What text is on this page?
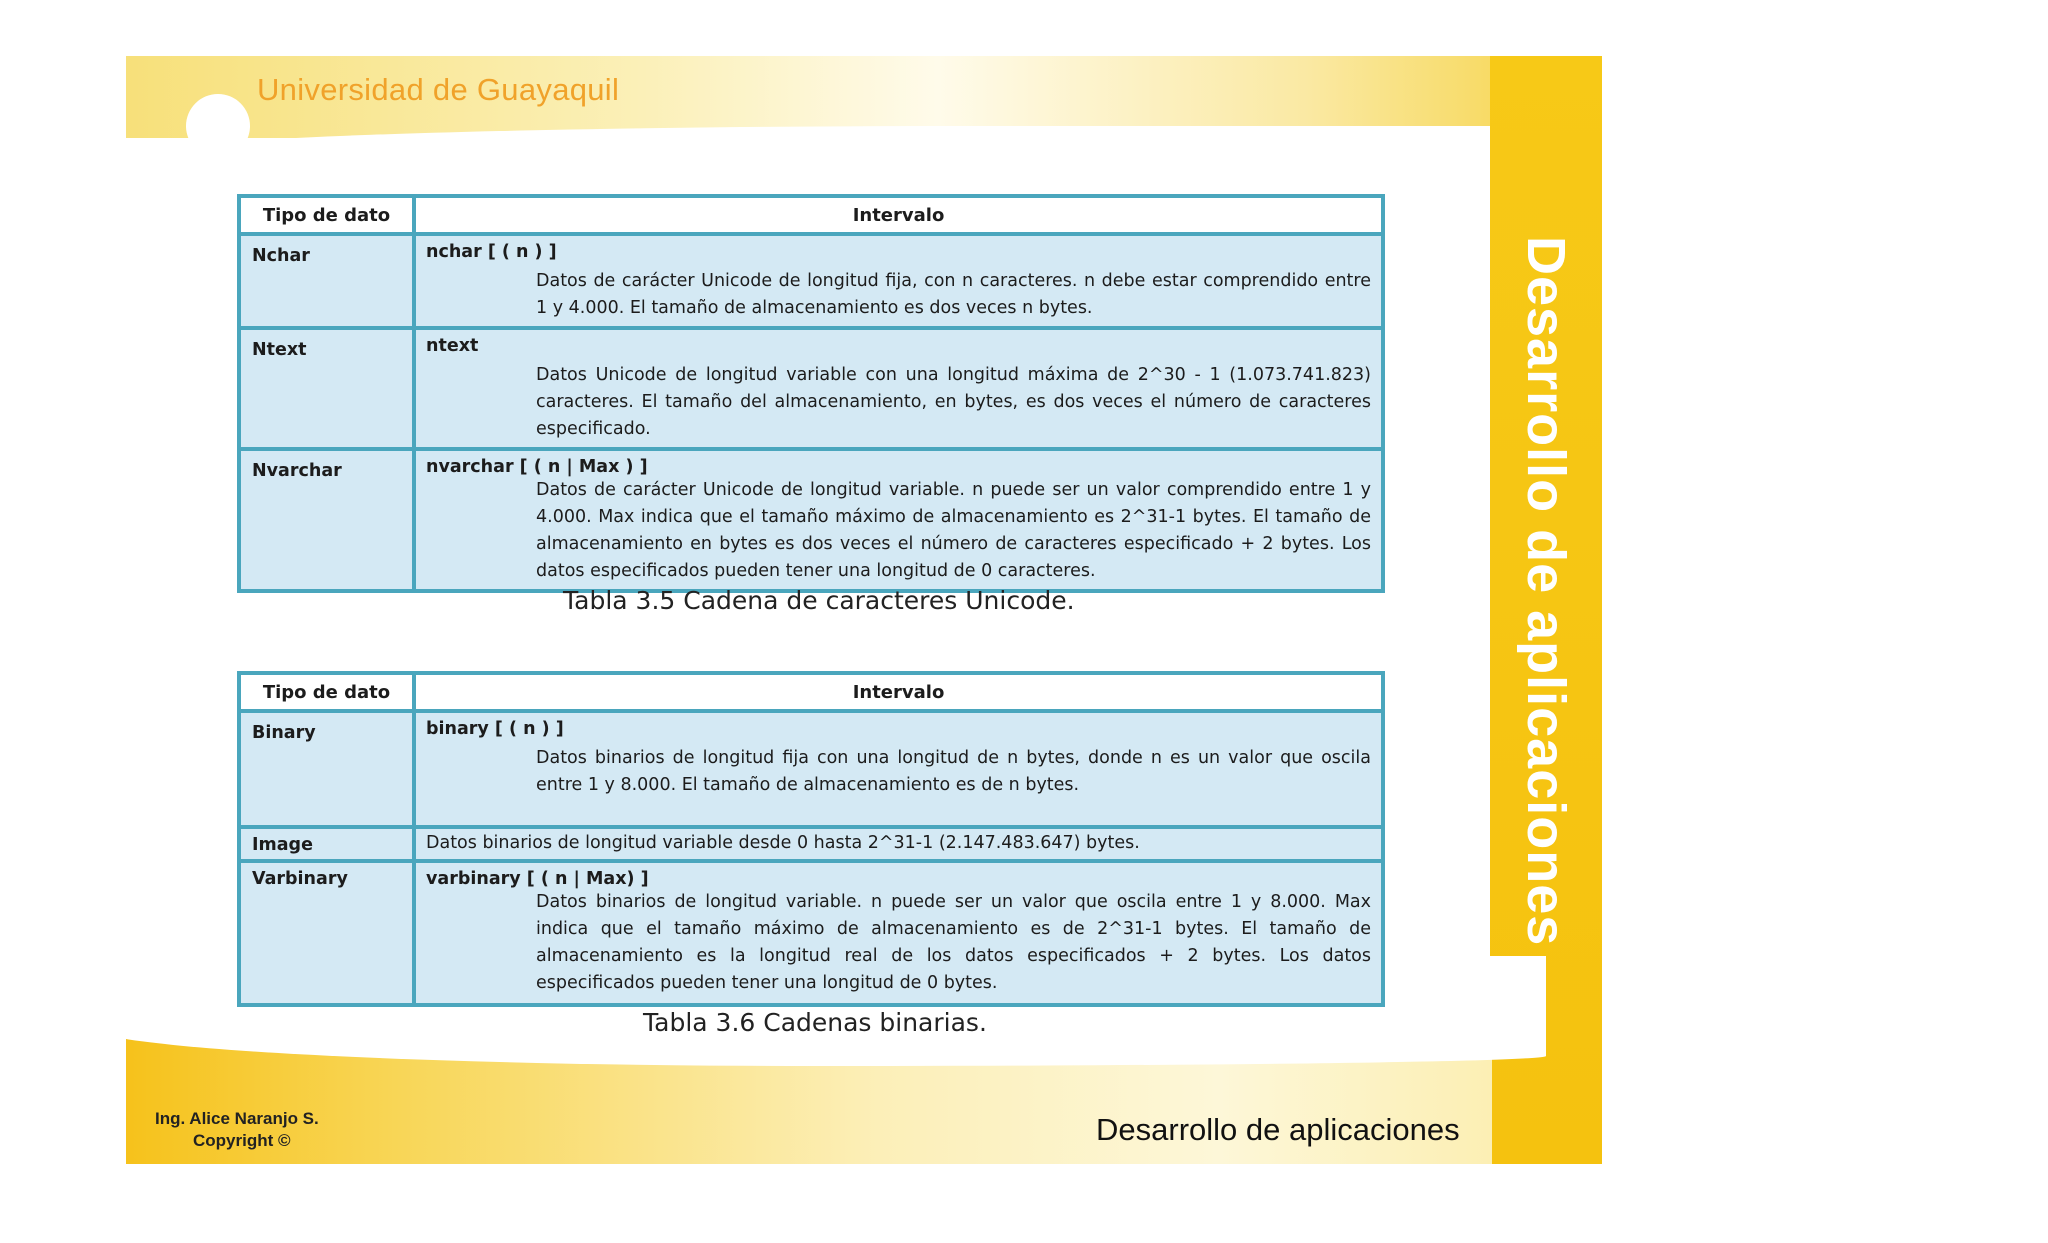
Universidad de Guayaquil
Desarrollo de aplicaciones
Ing. Alice Naranjo S.
Copyright ©	Desarrollo de aplicaciones
Tipo de dato	Intervalo
Nchar	nchar [ ( n ) ]
Datos de carácter Unicode de longitud fija, con n caracteres. n debe estar comprendido entre 1 y 4.000. El tamaño de almacenamiento es dos veces n bytes.

Ntext	ntext
Datos Unicode de longitud variable con una longitud máxima de 2^30 - 1 (1.073.741.823) caracteres. El tamaño del almacenamiento, en bytes, es dos veces el número de caracteres especificado.

Nvarchar	nvarchar [ ( n | Max ) ]
Datos de carácter Unicode de longitud variable. n puede ser un valor comprendido entre 1 y 4.000. Max indica que el tamaño máximo de almacenamiento es 2^31-1 bytes. El tamaño de almacenamiento en bytes es dos veces el número de caracteres especificado + 2 bytes. Los datos especificados pueden tener una longitud de 0 caracteres.
Tabla 3.5 Cadena de caracteres Unicode.
Tipo de dato	Intervalo
Binary	binary [ ( n ) ]
Datos binarios de longitud fija con una longitud de n bytes, donde n es un valor que oscila entre 1 y 8.000. El tamaño de almacenamiento es de n bytes.

Image	Datos binarios de longitud variable desde 0 hasta 2^31-1 (2.147.483.647) bytes.

Varbinary	varbinary [ ( n | Max) ]
Datos binarios de longitud variable. n puede ser un valor que oscila entre 1 y 8.000. Max indica que el tamaño máximo de almacenamiento es de 2^31-1 bytes. El tamaño de almacenamiento es la longitud real de los datos especificados + 2 bytes. Los datos especificados pueden tener una longitud de 0 bytes.
Tabla 3.6 Cadenas binarias.
